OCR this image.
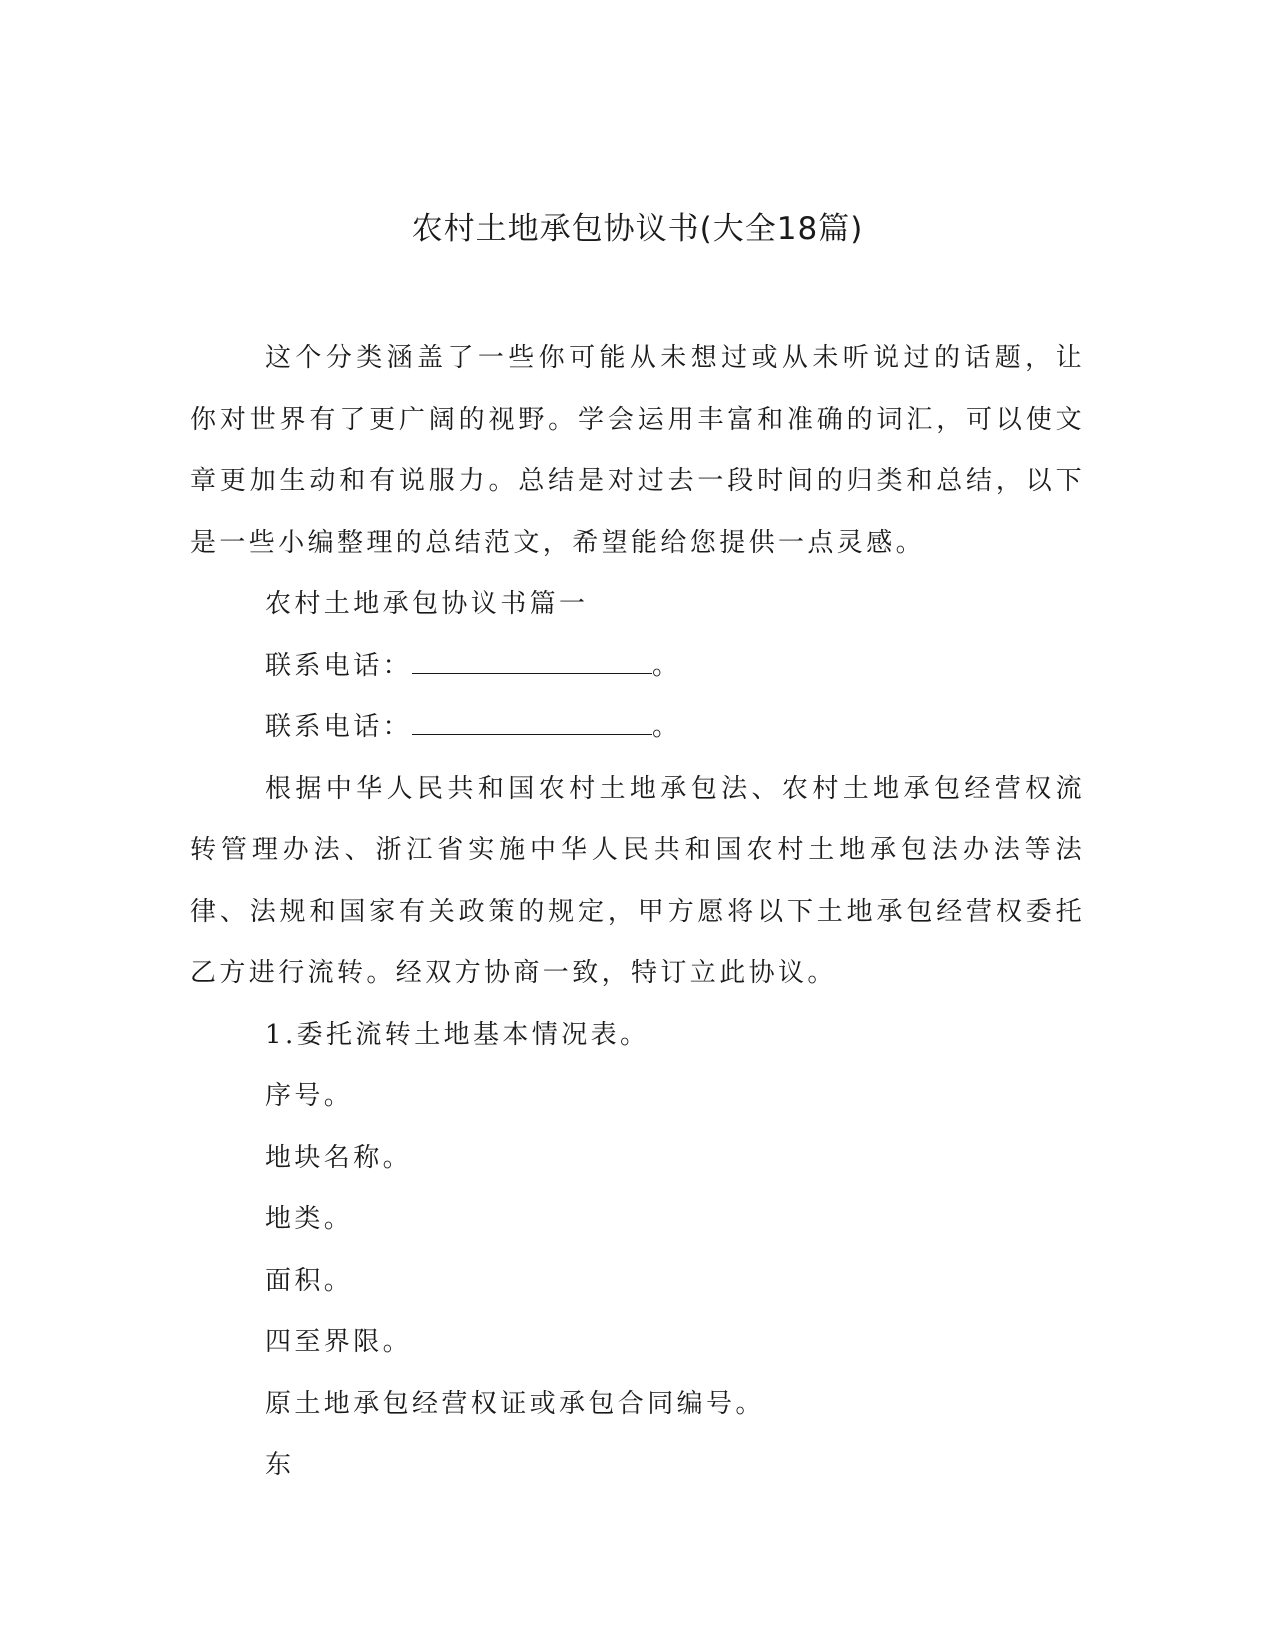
农村土地承包协议书(大全18篇)

这个分类涵盖了一些你可能从未想过或从未听说过的话题，让你对世界有了更广阔的视野。学会运用丰富和准确的词汇，可以使文章更加生动和有说服力。总结是对过去一段时间的归类和总结，以下是一些小编整理的总结范文，希望能给您提供一点灵感。

农村土地承包协议书篇一

联系电话：	。

联系电话：	。

根据中华人民共和国农村土地承包法、农村土地承包经营权流转管理办法、浙江省实施中华人民共和国农村土地承包法办法等法律、法规和国家有关政策的规定，甲方愿将以下土地承包经营权委托乙方进行流转。经双方协商一致，特订立此协议。

1.委托流转土地基本情况表。

序号。

地块名称。

地类。

面积。

四至界限。

原土地承包经营权证或承包合同编号。

东
